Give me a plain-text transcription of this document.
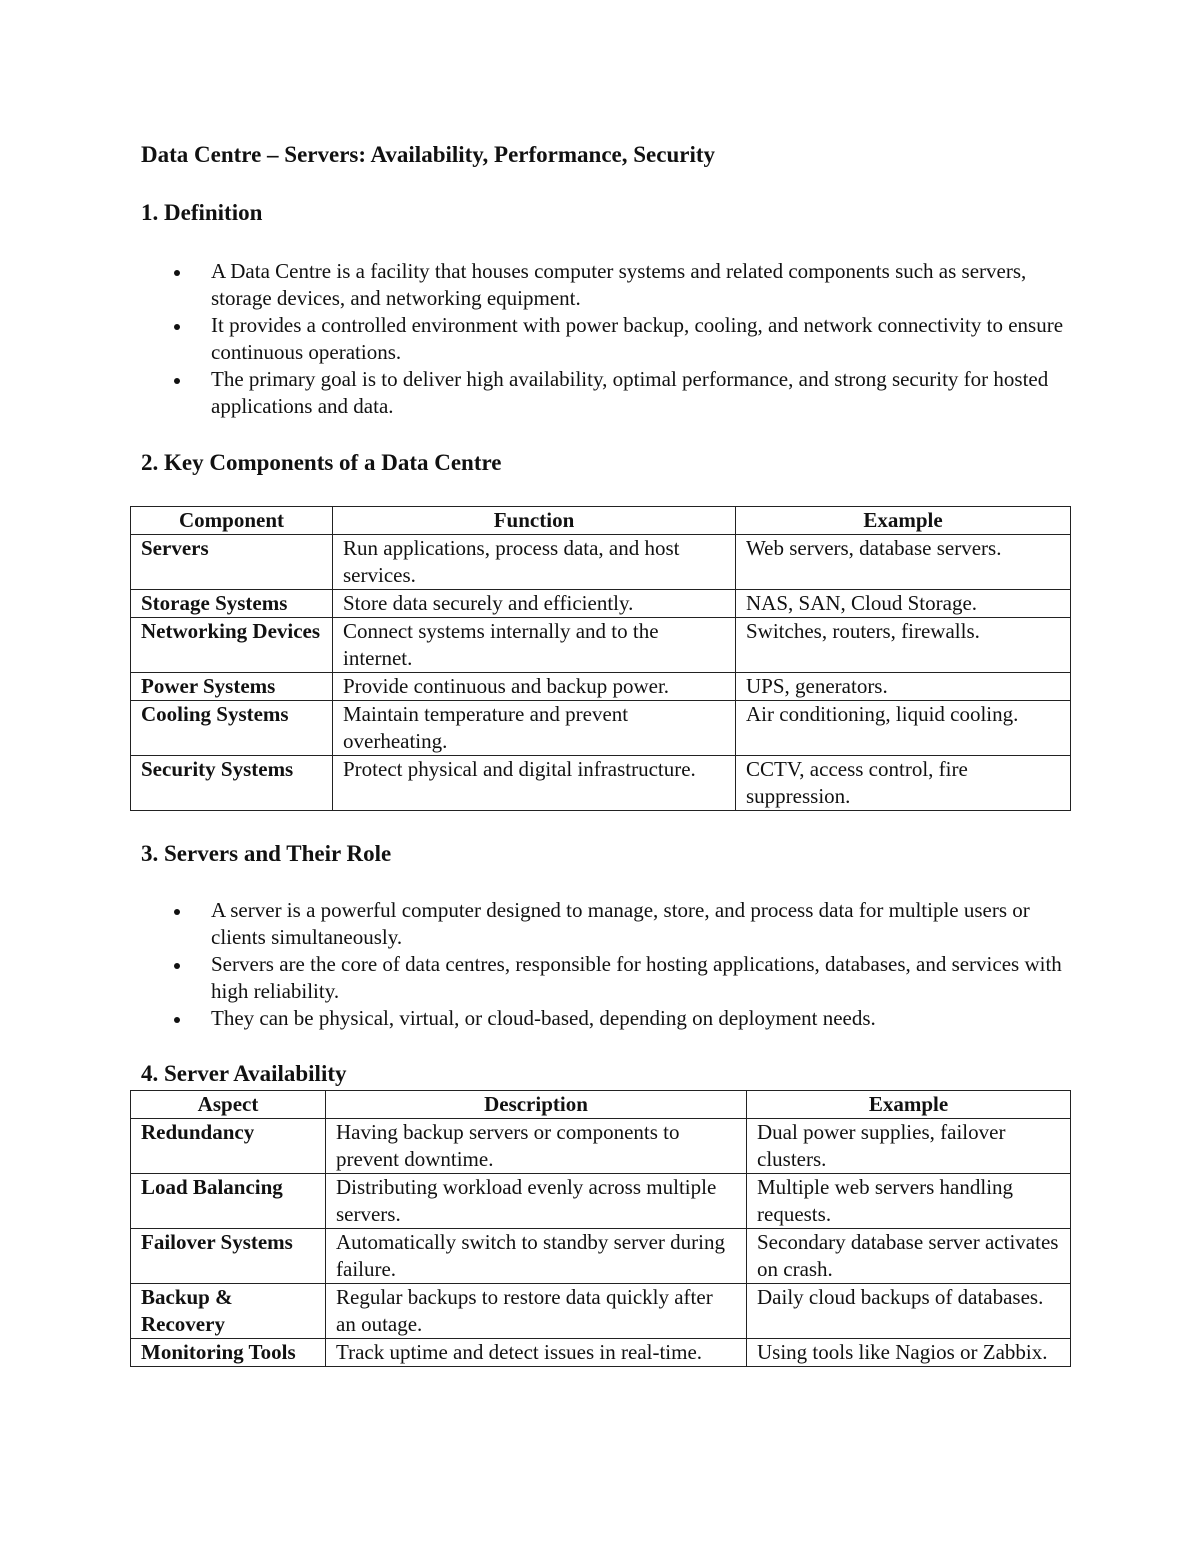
Data Centre – Servers: Availability, Performance, Security
1. Definition
A Data Centre is a facility that houses computer systems and related components such as servers, storage devices, and networking equipment.
It provides a controlled environment with power backup, cooling, and network connectivity to ensure continuous operations.
The primary goal is to deliver high availability, optimal performance, and strong security for hosted applications and data.
2. Key Components of a Data Centre
Component	Function	Example
Servers	Run applications, process data, and host services.	Web servers, database servers.
Storage Systems	Store data securely and efficiently.	NAS, SAN, Cloud Storage.
Networking Devices	Connect systems internally and to the internet.	Switches, routers, firewalls.
Power Systems	Provide continuous and backup power.	UPS, generators.
Cooling Systems	Maintain temperature and prevent overheating.	Air conditioning, liquid cooling.
Security Systems	Protect physical and digital infrastructure.	CCTV, access control, fire suppression.
3. Servers and Their Role
A server is a powerful computer designed to manage, store, and process data for multiple users or clients simultaneously.
Servers are the core of data centres, responsible for hosting applications, databases, and services with high reliability.
They can be physical, virtual, or cloud-based, depending on deployment needs.
4. Server Availability
Aspect	Description	Example
Redundancy	Having backup servers or components to prevent downtime.	Dual power supplies, failover clusters.
Load Balancing	Distributing workload evenly across multiple servers.	Multiple web servers handling requests.
Failover Systems	Automatically switch to standby server during failure.	Secondary database server activates on crash.
Backup & Recovery	Regular backups to restore data quickly after an outage.	Daily cloud backups of databases.
Monitoring Tools	Track uptime and detect issues in real-time.	Using tools like Nagios or Zabbix.
